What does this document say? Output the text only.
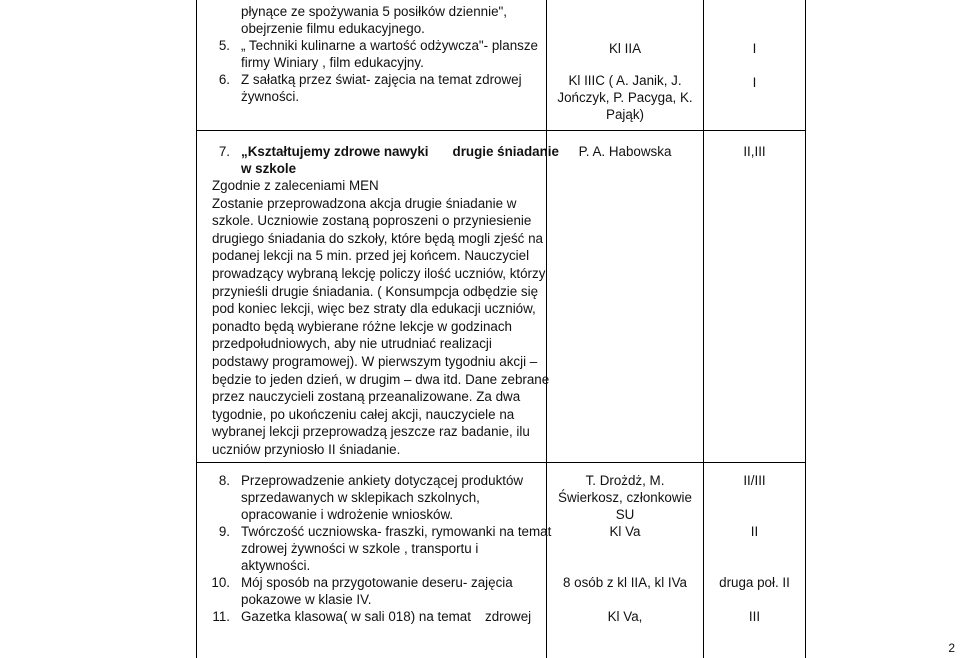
płynące ze spożywania 5 posiłków dziennie",
obejrzenie filmu edukacyjnego.
5. „ Techniki kulinarne a wartość odżywcza"- plansze
firmy Winiary , film edukacyjny.
6. Z sałatką przez świat- zajęcia na temat zdrowej
żywności.
Kl IIA
Kl IIIC ( A. Janik, J.
Jończyk, P. Pacyga, K.
Pająk)
I
I
7. „Kształtujemy zdrowe nawyki drugie śniadanie
w szkole
Zgodnie z zaleceniami MEN
Zostanie przeprowadzona akcja drugie śniadanie w
szkole. Uczniowie zostaną poproszeni o przyniesienie
drugiego śniadania do szkoły, które będą mogli zjeść na
podanej lekcji na 5 min. przed jej końcem. Nauczyciel
prowadzący wybraną lekcję policzy ilość uczniów, którzy
przynieśli drugie śniadania. ( Konsumpcja odbędzie się
pod koniec lekcji, więc bez straty dla edukacji uczniów,
ponadto będą wybierane różne lekcje w godzinach
przedpołudniowych, aby nie utrudniać realizacji
podstawy programowej). W pierwszym tygodniu akcji –
będzie to jeden dzień, w drugim – dwa itd. Dane zebrane
przez nauczycieli zostaną przeanalizowane. Za dwa
tygodnie, po ukończeniu całej akcji, nauczyciele na
wybranej lekcji przeprowadzą jeszcze raz badanie, ilu
uczniów przyniosło II śniadanie.
P. A. Habowska	II,III
8. Przeprowadzenie ankiety dotyczącej produktów
sprzedawanych w sklepikach szkolnych,
opracowanie i wdrożenie wniosków.
9. Twórczość uczniowska- fraszki, rymowanki na temat
zdrowej żywności w szkole , transportu i
aktywności.
10. Mój sposób na przygotowanie deseru- zajęcia
pokazowe w klasie IV.
11. Gazetka klasowa( w sali 018) na temat zdrowej
T. Drożdż, M.
Świerkosz, członkowie
SU
Kl Va
8 osób z kl IIA, kl IVa
Kl Va,
II/III
II
druga poł. II
III
2
